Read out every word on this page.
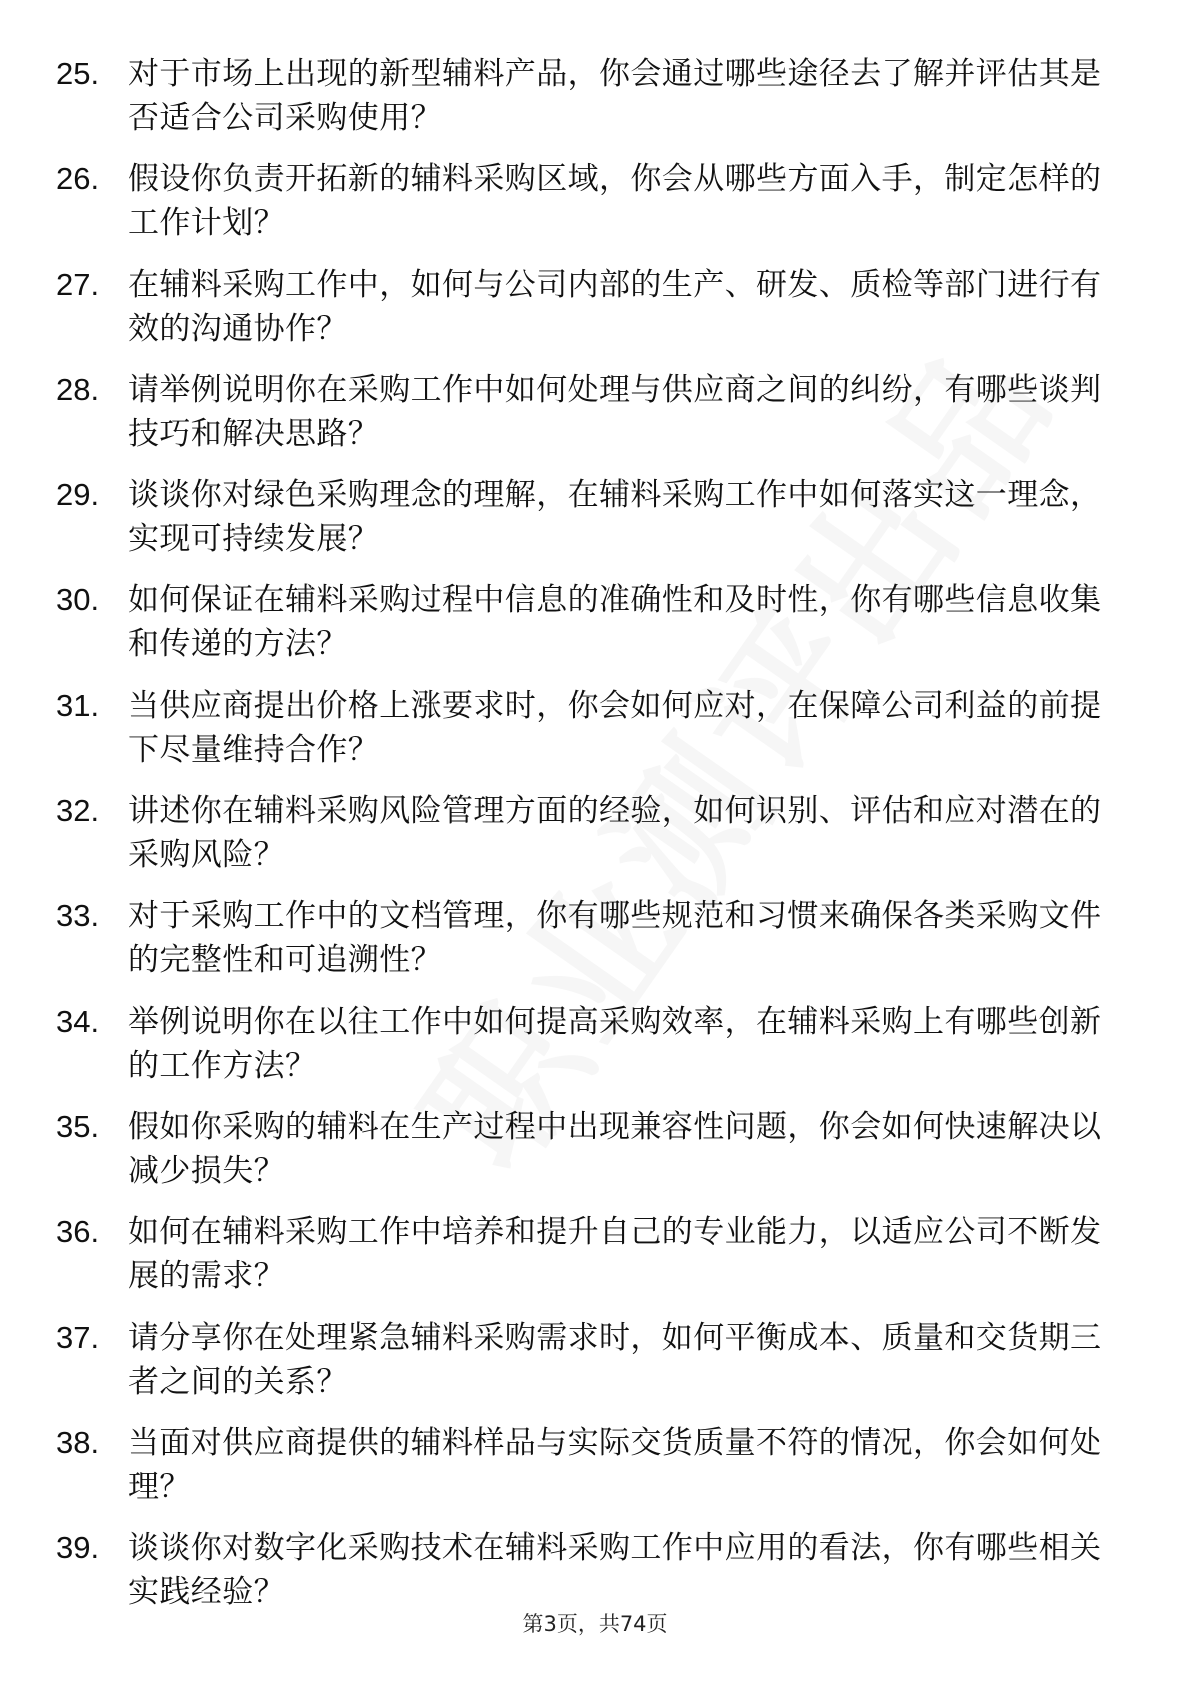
25. 对于市场上出现的新型辅料产品，你会通过哪些途径去了解并评估其是否适合公司采购使用？
26. 假设你负责开拓新的辅料采购区域，你会从哪些方面入手，制定怎样的工作计划？
27. 在辅料采购工作中，如何与公司内部的生产、研发、质检等部门进行有效的沟通协作？
28. 请举例说明你在采购工作中如何处理与供应商之间的纠纷，有哪些谈判技巧和解决思路？
29. 谈谈你对绿色采购理念的理解，在辅料采购工作中如何落实这一理念，实现可持续发展？
30. 如何保证在辅料采购过程中信息的准确性和及时性，你有哪些信息收集和传递的方法？
31. 当供应商提出价格上涨要求时，你会如何应对，在保障公司利益的前提下尽量维持合作？
32. 讲述你在辅料采购风险管理方面的经验，如何识别、评估和应对潜在的采购风险？
33. 对于采购工作中的文档管理，你有哪些规范和习惯来确保各类采购文件的完整性和可追溯性？
34. 举例说明你在以往工作中如何提高采购效率，在辅料采购上有哪些创新的工作方法？
35. 假如你采购的辅料在生产过程中出现兼容性问题，你会如何快速解决以减少损失？
36. 如何在辅料采购工作中培养和提升自己的专业能力，以适应公司不断发展的需求？
37. 请分享你在处理紧急辅料采购需求时，如何平衡成本、质量和交货期三者之间的关系？
38. 当面对供应商提供的辅料样品与实际交货质量不符的情况，你会如何处理？
39. 谈谈你对数字化采购技术在辅料采购工作中应用的看法，你有哪些相关实践经验？
第3页，共74页
